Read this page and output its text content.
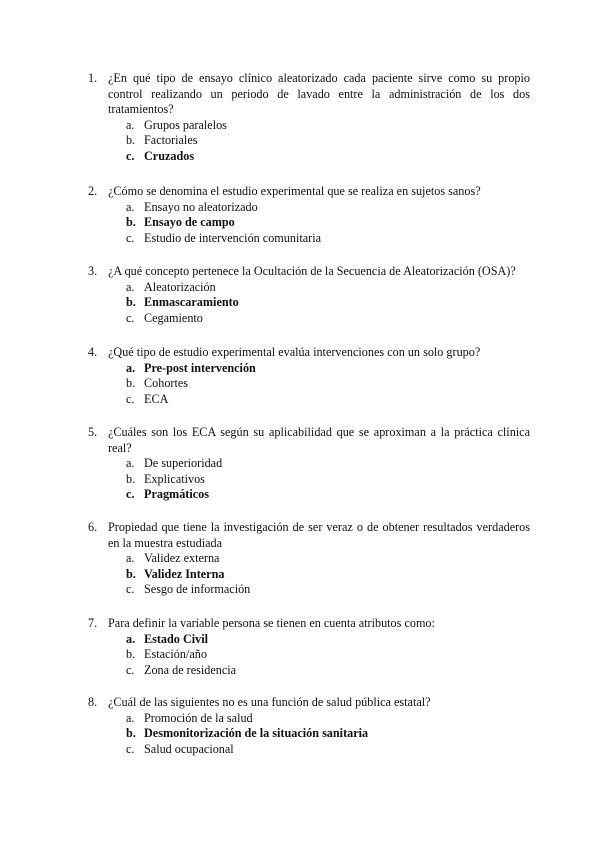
1. ¿En qué tipo de ensayo clínico aleatorizado cada paciente sirve como su propio control realizando un periodo de lavado entre la administración de los dos tratamientos?
a. Grupos paralelos
b. Factoriales
c. Cruzados
2. ¿Cómo se denomina el estudio experimental que se realiza en sujetos sanos?
a. Ensayo no aleatorizado
b. Ensayo de campo
c. Estudio de intervención comunitaria
3. ¿A qué concepto pertenece la Ocultación de la Secuencia de Aleatorización (OSA)?
a. Aleatorización
b. Enmascaramiento
c. Cegamiento
4. ¿Qué tipo de estudio experimental evalúa intervenciones con un solo grupo?
a. Pre-post intervención
b. Cohortes
c. ECA
5. ¿Cuáles son los ECA según su aplicabilidad que se aproximan a la práctica clínica real?
a. De superioridad
b. Explicativos
c. Pragmáticos
6. Propiedad que tiene la investigación de ser veraz o de obtener resultados verdaderos en la muestra estudiada
a. Validez externa
b. Validez Interna
c. Sesgo de información
7. Para definir la variable persona se tienen en cuenta atributos como:
a. Estado Civil
b. Estación/año
c. Zona de residencia
8. ¿Cuál de las siguientes no es una función de salud pública estatal?
a. Promoción de la salud
b. Desmonitorización de la situación sanitaria
c. Salud ocupacional
